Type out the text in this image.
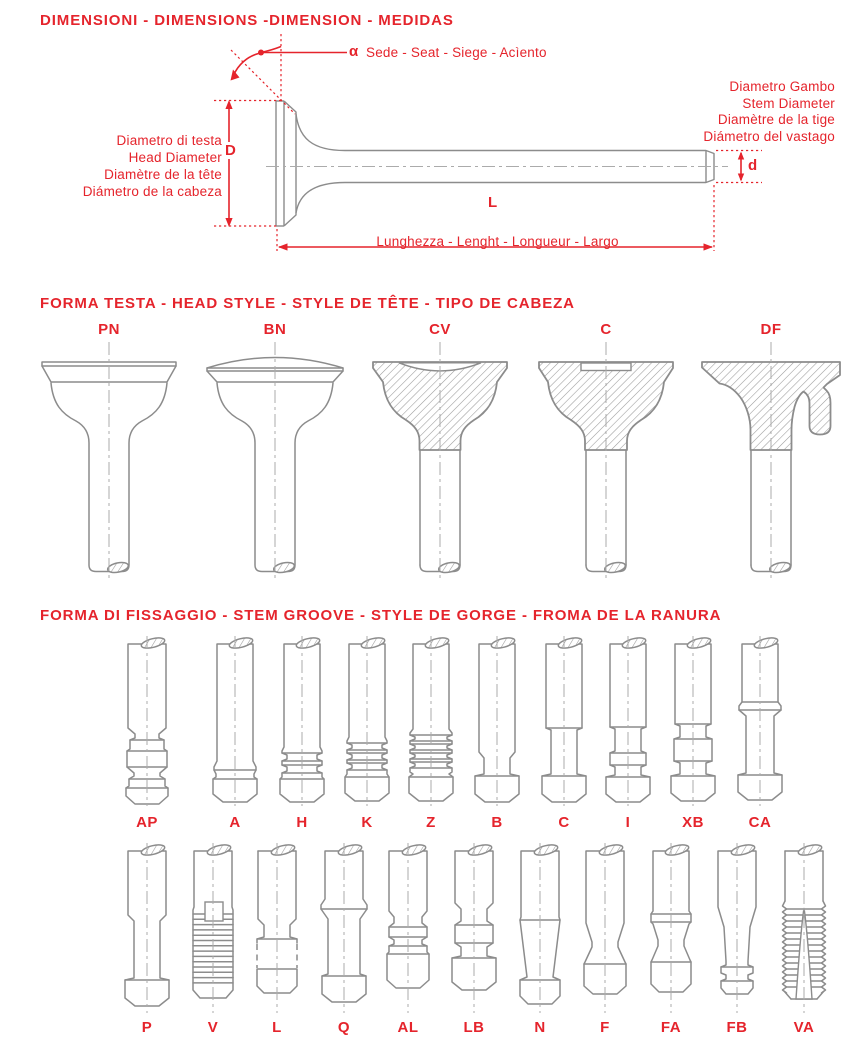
DIMENSIONI - DIMENSIONS -DIMENSION - MEDIDAS
α Sede - Seat - Siege - Acìento
Diametro di testa
Head Diameter
Diamètre de la tête
Diámetro de la cabeza
Diametro Gambo
Stem Diameter
Diamètre de la tige
Diámetro del vastago
D
d
L
Lunghezza - Lenght - Longueur - Largo
FORMA TESTA - HEAD STYLE - STYLE DE TÊTE - TIPO DE CABEZA
FORMA DI FISSAGGIO - STEM GROOVE - STYLE DE GORGE - FROMA DE LA RANURA
PN	BN	CV	C	DF
AP	A	H	K	Z	B	C	I	XB	CA
P	V	L	Q	AL	LB	N	F	FA	FB	VA
